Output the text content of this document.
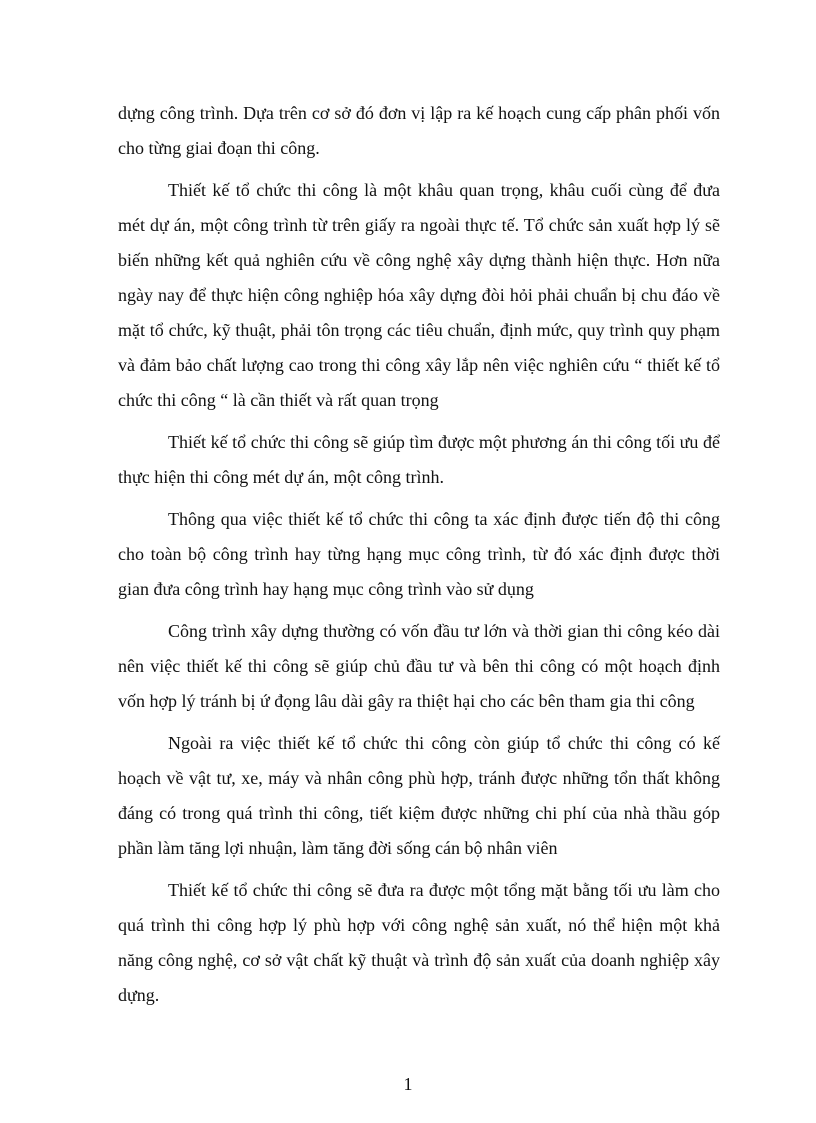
dựng công trình. Dựa trên cơ sở đó đơn vị lập ra kế hoạch cung cấp phân phối vốn cho từng giai đoạn thi công.

Thiết kế tổ chức thi công là một khâu quan trọng, khâu cuối cùng để đưa mét dự án, một công trình từ trên giấy ra ngoài thực tế. Tổ chức sản xuất hợp lý sẽ biến những kết quả nghiên cứu về công nghệ xây dựng thành hiện thực. Hơn nữa ngày nay để thực hiện công nghiệp hóa xây dựng đòi hỏi phải chuẩn bị chu đáo về mặt tổ chức, kỹ thuật, phải tôn trọng các tiêu chuẩn, định mức, quy trình quy phạm và đảm bảo chất lượng cao trong thi công xây lắp nên việc nghiên cứu “ thiết kế tổ chức thi công “ là cần thiết và rất quan trọng

Thiết kế tổ chức thi công sẽ giúp tìm được một phương án thi công tối ưu để thực hiện thi công mét dự án, một công trình.

Thông qua việc thiết kế tổ chức thi công ta xác định được tiến độ thi công cho toàn bộ công trình hay từng hạng mục công trình, từ đó xác định được thời gian đưa công trình hay hạng mục công trình vào sử dụng

Công trình xây dựng thường có vốn đầu tư lớn và thời gian thi công kéo dài nên việc thiết kế thi công sẽ giúp chủ đầu tư và bên thi công có một hoạch định vốn hợp lý tránh bị ứ đọng lâu dài gây ra thiệt hại cho các bên tham gia thi công

Ngoài ra việc thiết kế tổ chức thi công còn giúp tổ chức thi công có kế hoạch về vật tư, xe, máy và nhân công phù hợp, tránh được những tổn thất không đáng có trong quá trình thi công, tiết kiệm được những chi phí của nhà thầu góp phần làm tăng lợi nhuận, làm tăng đời sống cán bộ nhân viên

Thiết kế tổ chức thi công sẽ đưa ra được một tổng mặt bằng tối ưu làm cho quá trình thi công hợp lý phù hợp với công nghệ sản xuất, nó thể hiện một khả năng công nghệ, cơ sở vật chất kỹ thuật và trình độ sản xuất của doanh nghiệp xây dựng.

1
